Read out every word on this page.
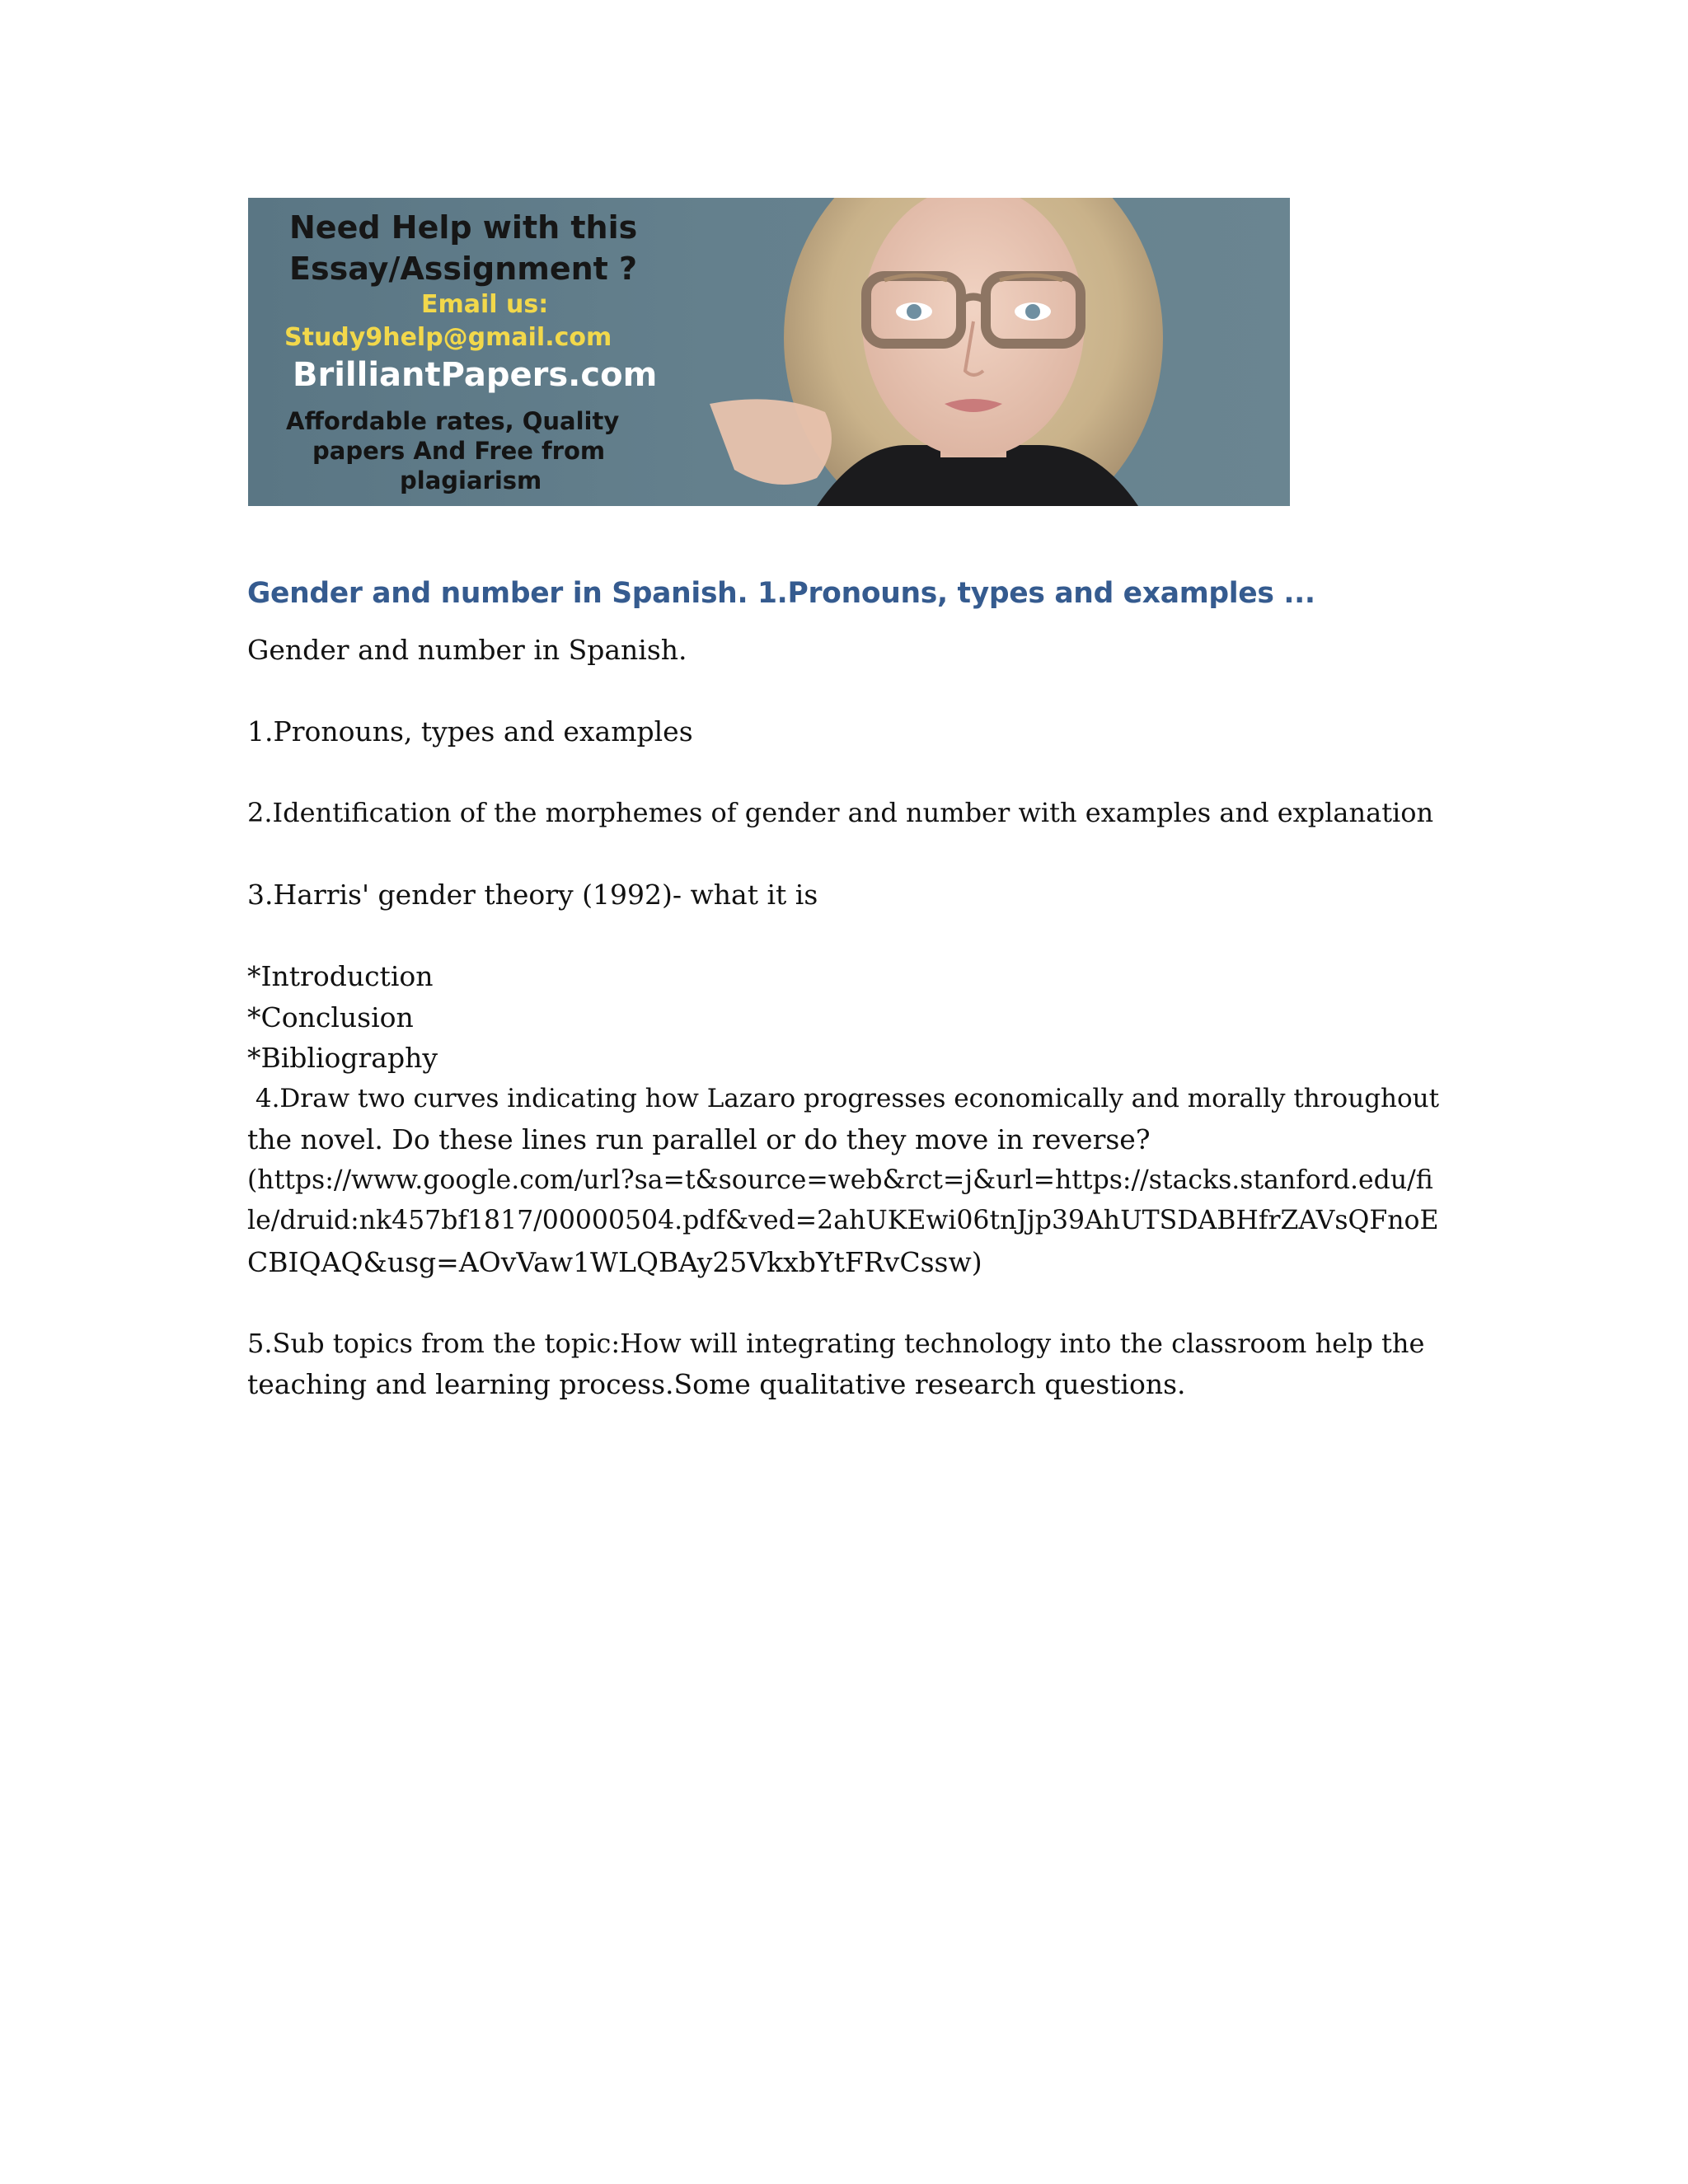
Need Help with this
Essay/Assignment ?
Email us:
Study9help@gmail.com
BrilliantPapers.com
Affordable rates, Quality
papers And Free from
plagiarism
Gender and number in Spanish. 1.Pronouns, types and examples ...
Gender and number in Spanish.
1.Pronouns, types and examples
2.Identification of the morphemes of gender and number with examples and explanation
3.Harris' gender theory (1992)- what it is
*Introduction
*Conclusion
*Bibliography
4.Draw two curves indicating how Lazaro progresses economically and morally throughout
the novel. Do these lines run parallel or do they move in reverse?
(https://www.google.com/url?sa=t&source=web&rct=j&url=https://stacks.stanford.edu/fi
le/druid:nk457bf1817/00000504.pdf&ved=2ahUKEwi06tnJjp39AhUTSDABHfrZAVsQFnoE
CBIQAQ&usg=AOvVaw1WLQBAy25VkxbYtFRvCssw)
5.Sub topics from the topic:How will integrating technology into the classroom help the
teaching and learning process.Some qualitative research questions.
